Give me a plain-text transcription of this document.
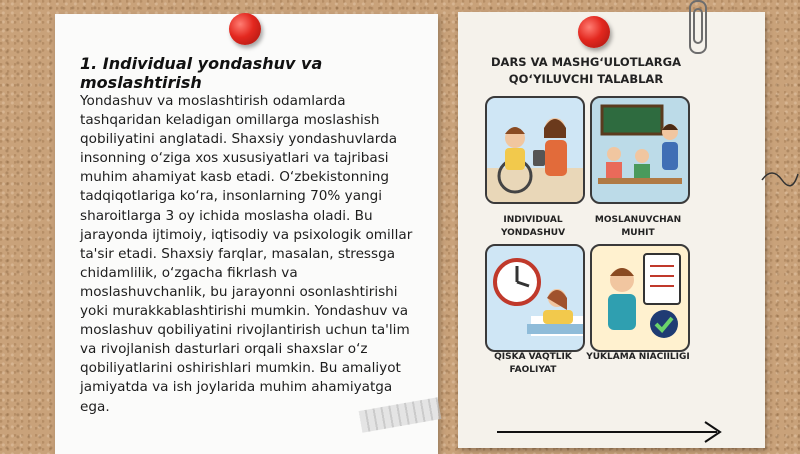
1. Individual yondashuv va moslashtirish

Yondashuv va moslashtirish odamlarda tashqaridan keladigan omillarga moslashish qobiliyatini anglatadi. Shaxsiy yondashuvlarda insonning o‘ziga xos xususiyatlari va tajribasi muhim ahamiyat kasb etadi. O‘zbekistonning tadqiqotlariga ko‘ra, insonlarning 70% yangi sharoitlarga 3 oy ichida moslasha oladi. Bu jarayonda ijtimoiy, iqtisodiy va psixologik omillar ta'sir etadi. Shaxsiy farqlar, masalan, stressga chidamlilik, o‘zgacha fikrlash va moslashuvchanlik, bu jarayonni osonlashtirishi yoki murakkablashtirishi mumkin. Yondashuv va moslashuv qobiliyatini rivojlantirish uchun ta'lim va rivojlanish dasturlari orqali shaxslar o‘z qobiliyatlarini oshirishlari mumkin. Bu amaliyot jamiyatda va ish joylarida muhim ahamiyatga ega.

DARS VA MASHG‘ULOTLARGA QO‘YILUVCHI TALABLAR
INDIVIDUAL YONDASHUV
MOSLANUVCHAN MUHIT
QISKA VAQTLIK FAOLIYAT
YUKLAMA NIACIILIGI
